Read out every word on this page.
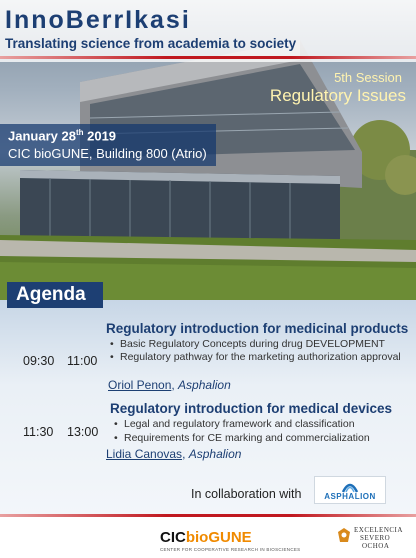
InnoBerrIkasi
Translating science from academia to society
5th Session
Regulatory Issues
January 28th 2019
CIC bioGUNE, Building 800 (Atrio)
Agenda
Regulatory introduction for medicinal products
09:30 11:00
• Basic Regulatory Concepts during drug DEVELOPMENT
• Regulatory pathway for the marketing authorization approval
Oriol Penon, Asphalion
Regulatory introduction for medical devices
11:30 13:00
• Legal and regulatory framework and classification
• Requirements for CE marking and commercialization
Lidia Canovas, Asphalion
In collaboration with	ASPHALION
CICbioGUNE
CENTER FOR COOPERATIVE RESEARCH IN BIOSCIENCES
EXCELENCIA
SEVERO
OCHOA
